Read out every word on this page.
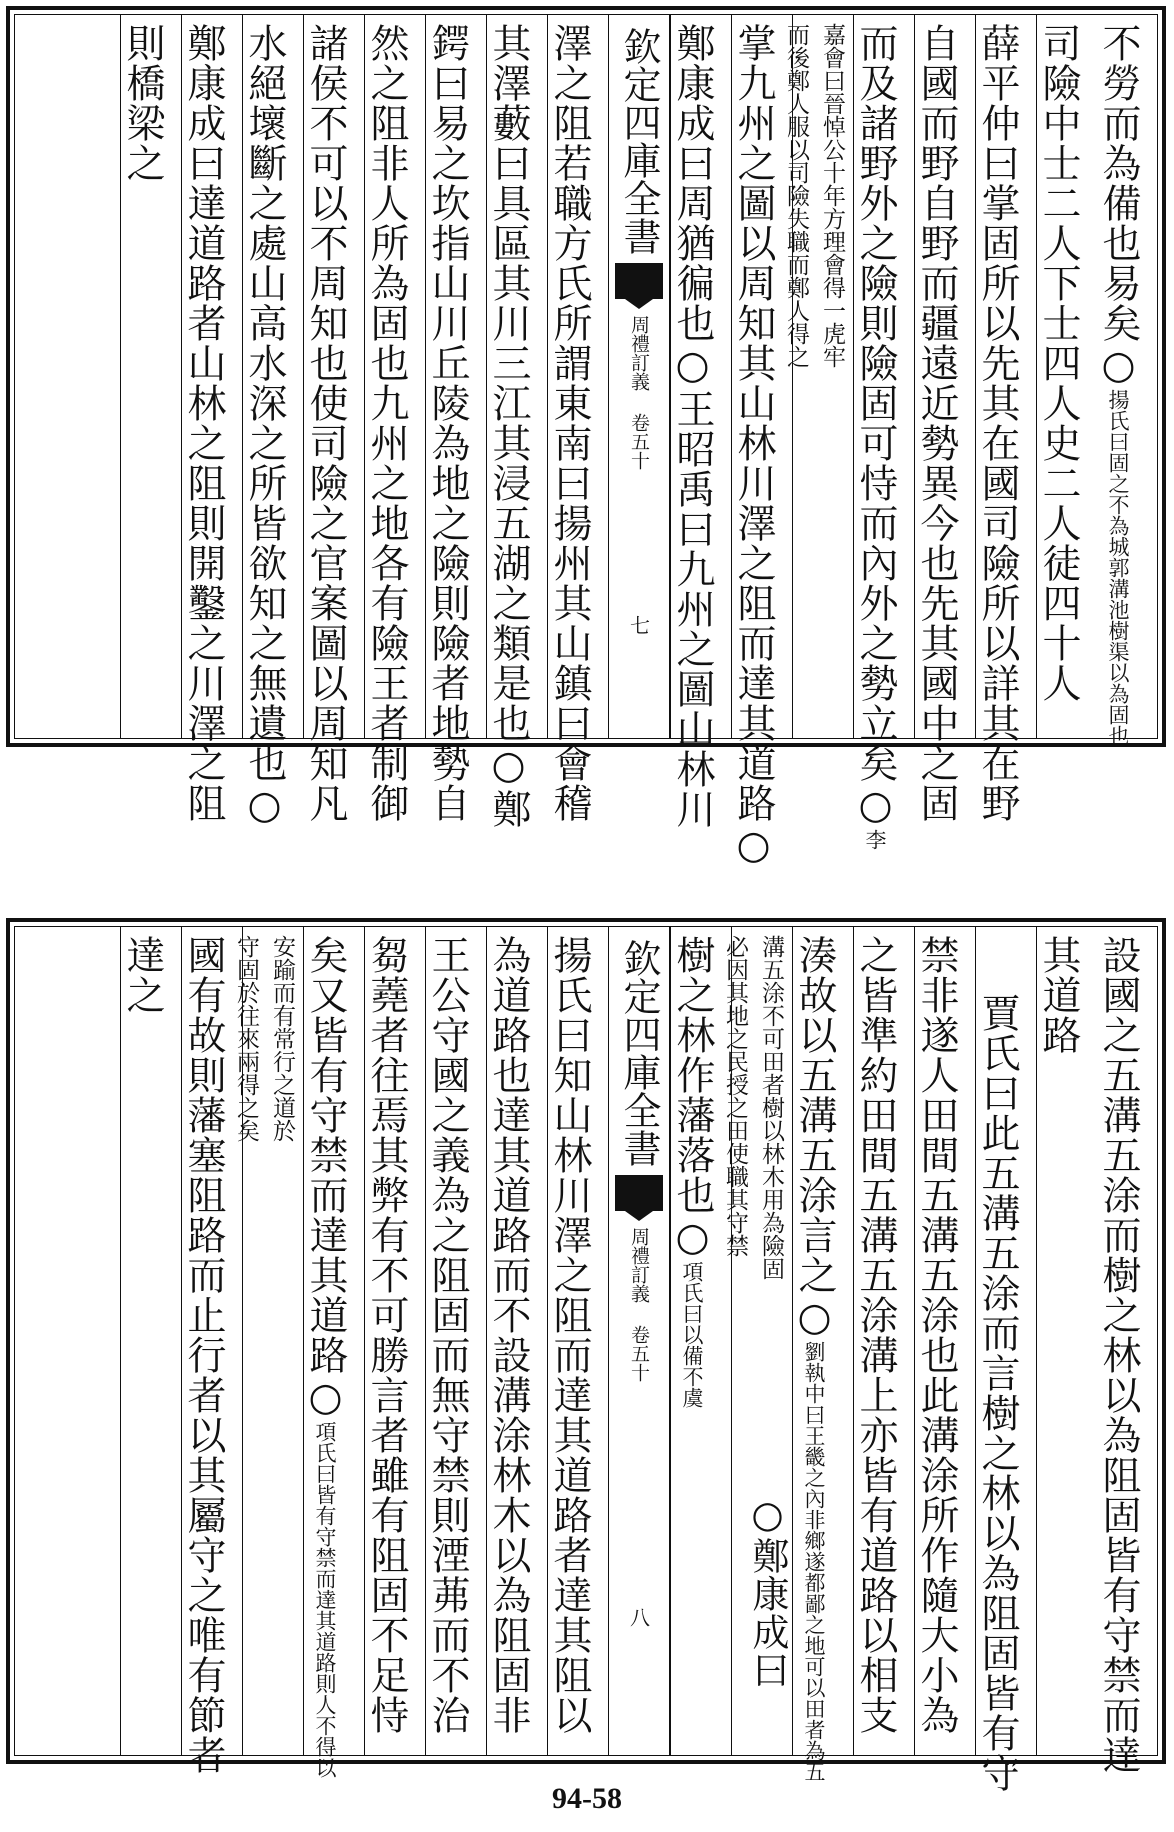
不勞而為備也易矣○揚氏曰固之不為城郭溝池樹渠以為固也
司險中士二人下士四人史二人徒四十人
薛平仲曰掌固所以先其在國司險所以詳其在野
自國而野自野而疆遠近勢異今也先其國中之固
而及諸野外之險則險固可恃而內外之勢立矣○李
嘉會曰晉悼公十年方理會得一虎牢
而後鄭人服以司險失職而鄭人得之
掌九州之圖以周知其山林川澤之阻而達其道路○
鄭康成曰周猶徧也○王昭禹曰九州之圖山林川
欽定四庫全書
周禮訂義 卷五十
七
澤之阻若職方氏所謂東南曰揚州其山鎮曰會稽
其澤藪曰具區其川三江其浸五湖之類是也○鄭
鍔曰易之坎指山川丘陵為地之險則險者地勢自
然之阻非人所為固也九州之地各有險王者制御
諸侯不可以不周知也使司險之官案圖以周知凡
水絕壞斷之處山高水深之所皆欲知之無遺也○
鄭康成曰達道路者山林之阻則開鑿之川澤之阻
則橋梁之
設國之五溝五涂而樹之林以為阻固皆有守禁而達
其道路
賈氏曰此五溝五涂而言樹之林以為阻固皆有守
禁非遂人田間五溝五涂也此溝涂所作隨大小為
之皆準約田間五溝五涂溝上亦皆有道路以相支
湊故以五溝五涂言之○劉執中曰王畿之內非鄉遂都鄙之地可以田者為五
溝五涂不可田者樹以林木用為險固
必因其地之民授之田使職其守禁
○鄭康成曰
樹之林作藩落也○項氏曰以備不虞
欽定四庫全書
周禮訂義 卷五十
八
揚氏曰知山林川澤之阻而達其道路者達其阻以
為道路也達其道路而不設溝涂林木以為阻固非
王公守國之義為之阻固而無守禁則湮茀而不治
芻蕘者往焉其弊有不可勝言者雖有阻固不足恃
矣又皆有守禁而達其道路○項氏曰皆有守禁而達其道路則人不得以
安踰而有常行之道於
守固於往來兩得之矣
國有故則藩塞阻路而止行者以其屬守之唯有節者
達之
94-58
